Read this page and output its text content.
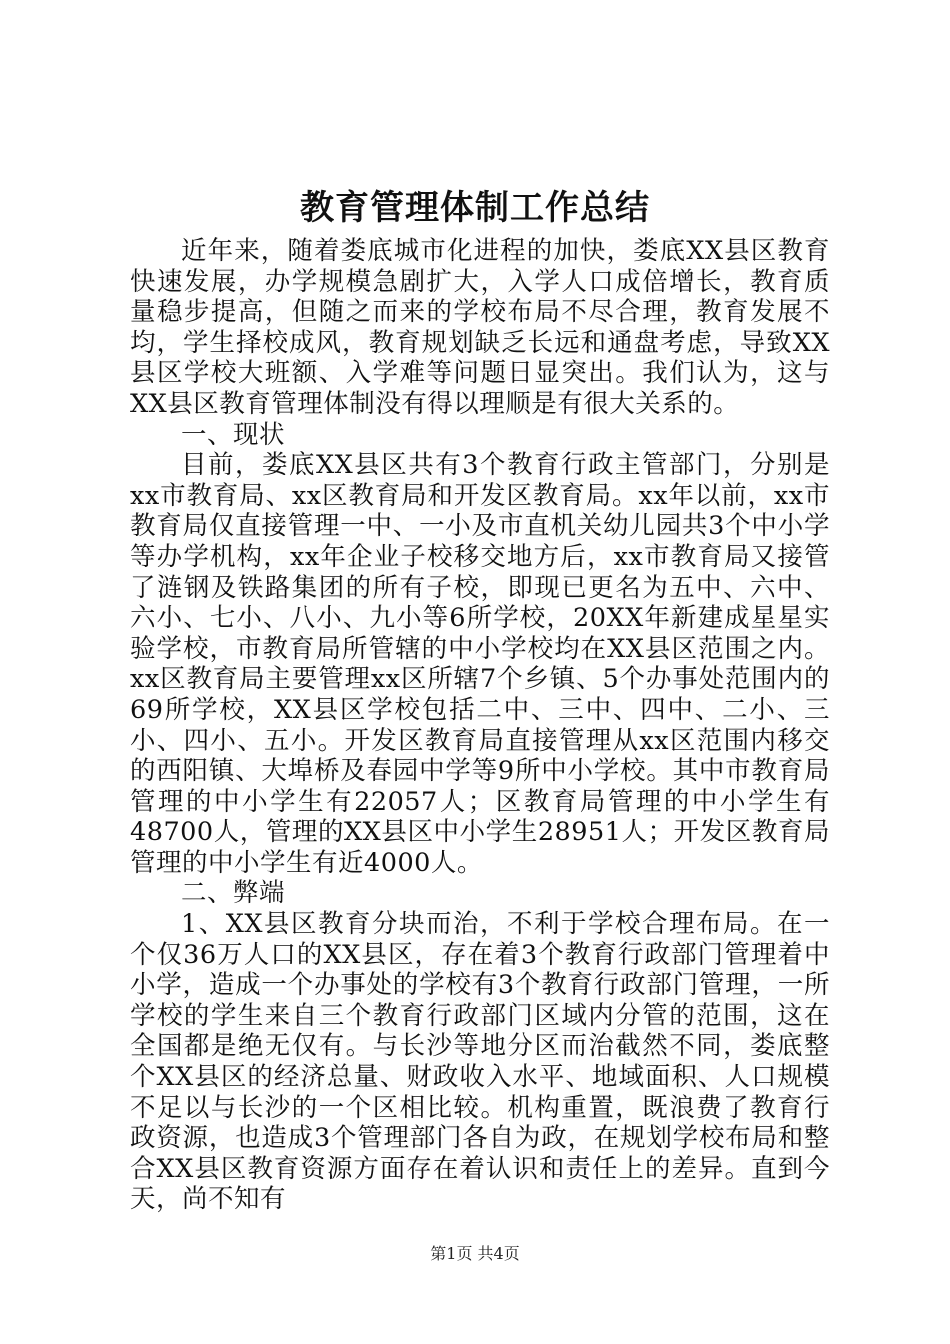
教育管理体制工作总结

近年来，随着娄底城市化进程的加快，娄底XX县区教育快速发展，办学规模急剧扩大，入学人口成倍增长，教育质量稳步提高，但随之而来的学校布局不尽合理，教育发展不均，学生择校成风，教育规划缺乏长远和通盘考虑，导致XX县区学校大班额、入学难等问题日显突出。我们认为，这与XX县区教育管理体制没有得以理顺是有很大关系的。

一、现状

目前，娄底XX县区共有3个教育行政主管部门，分别是xx市教育局、xx区教育局和开发区教育局。xx年以前，xx市教育局仅直接管理一中、一小及市直机关幼儿园共3个中小学等办学机构，xx年企业子校移交地方后，xx市教育局又接管了涟钢及铁路集团的所有子校，即现已更名为五中、六中、六小、七小、八小、九小等6所学校，20XX年新建成星星实验学校，市教育局所管辖的中小学校均在XX县区范围之内。xx区教育局主要管理xx区所辖7个乡镇、5个办事处范围内的69所学校，XX县区学校包括二中、三中、四中、二小、三小、四小、五小。开发区教育局直接管理从xx区范围内移交的西阳镇、大埠桥及春园中学等9所中小学校。其中市教育局管理的中小学生有22057人；区教育局管理的中小学生有48700人，管理的XX县区中小学生28951人；开发区教育局管理的中小学生有近4000人。

二、弊端

1、XX县区教育分块而治，不利于学校合理布局。在一个仅36万人口的XX县区，存在着3个教育行政部门管理着中小学，造成一个办事处的学校有3个教育行政部门管理，一所学校的学生来自三个教育行政部门区域内分管的范围，这在全国都是绝无仅有。与长沙等地分区而治截然不同，娄底整个XX县区的经济总量、财政收入水平、地域面积、人口规模不足以与长沙的一个区相比较。机构重置，既浪费了教育行政资源，也造成3个管理部门各自为政，在规划学校布局和整合XX县区教育资源方面存在着认识和责任上的差异。直到今天，尚不知有

第1页 共4页
